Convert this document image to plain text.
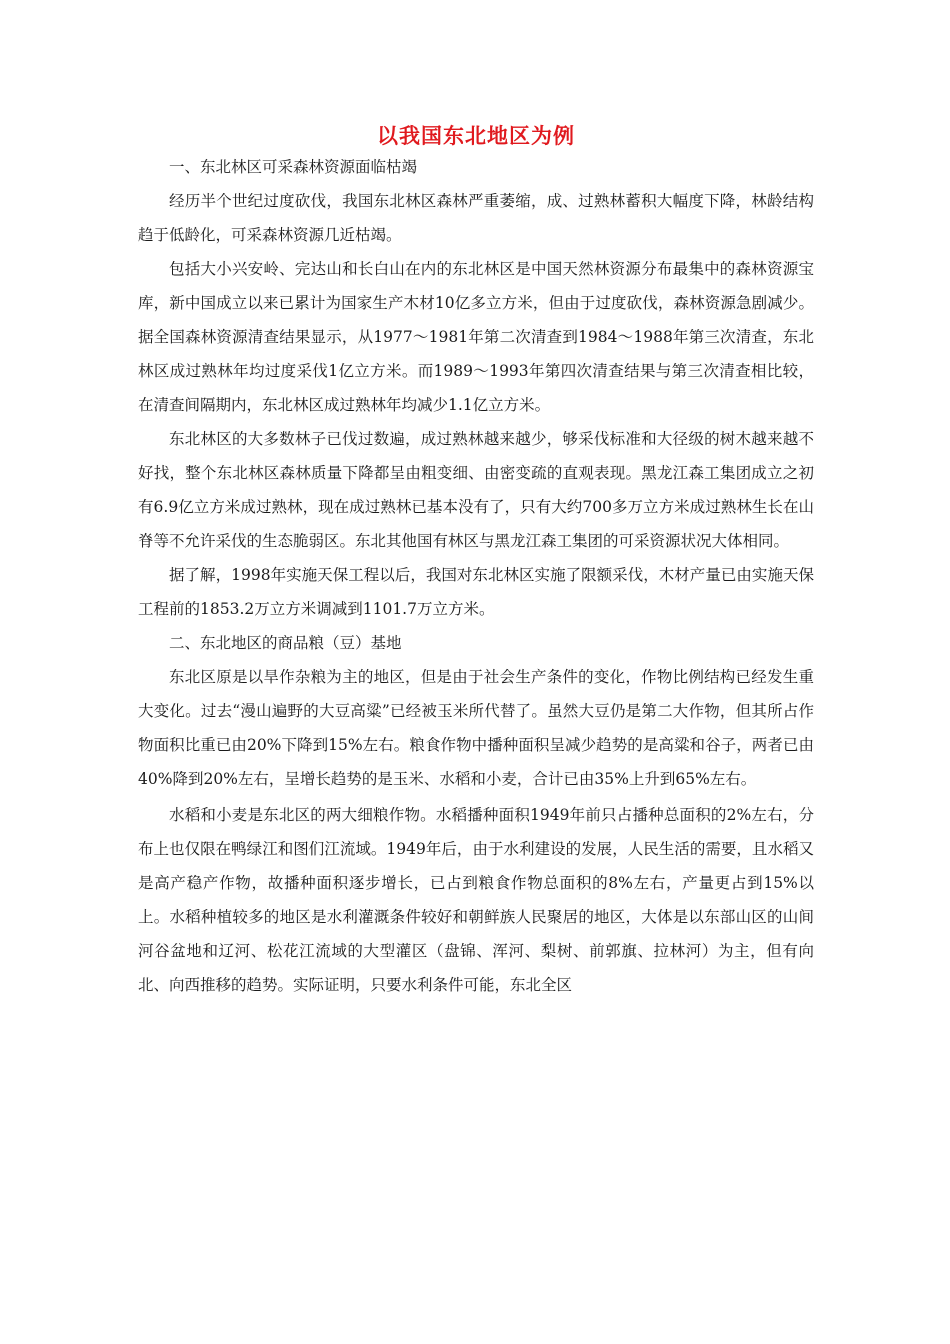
以我国东北地区为例

一、东北林区可采森林资源面临枯竭

经历半个世纪过度砍伐，我国东北林区森林严重萎缩，成、过熟林蓄积大幅度下降，林龄结构趋于低龄化，可采森林资源几近枯竭。

包括大小兴安岭、完达山和长白山在内的东北林区是中国天然林资源分布最集中的森林资源宝库，新中国成立以来已累计为国家生产木材10亿多立方米，但由于过度砍伐，森林资源急剧减少。据全国森林资源清查结果显示，从1977～1981年第二次清查到1984～1988年第三次清查，东北林区成过熟林年均过度采伐1亿立方米。而1989～1993年第四次清查结果与第三次清查相比较，在清查间隔期内，东北林区成过熟林年均减少1.1亿立方米。

东北林区的大多数林子已伐过数遍，成过熟林越来越少，够采伐标准和大径级的树木越来越不好找，整个东北林区森林质量下降都呈由粗变细、由密变疏的直观表现。黑龙江森工集团成立之初有6.9亿立方米成过熟林，现在成过熟林已基本没有了，只有大约700多万立方米成过熟林生长在山脊等不允许采伐的生态脆弱区。东北其他国有林区与黑龙江森工集团的可采资源状况大体相同。

据了解，1998年实施天保工程以后，我国对东北林区实施了限额采伐，木材产量已由实施天保工程前的1853.2万立方米调减到1101.7万立方米。

二、东北地区的商品粮（豆）基地

东北区原是以旱作杂粮为主的地区，但是由于社会生产条件的变化，作物比例结构已经发生重大变化。过去“漫山遍野的大豆高粱”已经被玉米所代替了。虽然大豆仍是第二大作物，但其所占作物面积比重已由20%下降到15%左右。粮食作物中播种面积呈减少趋势的是高粱和谷子，两者已由40%降到20%左右，呈增长趋势的是玉米、水稻和小麦，合计已由35%上升到65%左右。

水稻和小麦是东北区的两大细粮作物。水稻播种面积1949年前只占播种总面积的2%左右，分布上也仅限在鸭绿江和图们江流域。1949年后，由于水利建设的发展，人民生活的需要，且水稻又是高产稳产作物，故播种面积逐步增长，已占到粮食作物总面积的8%左右，产量更占到15%以上。水稻种植较多的地区是水利灌溉条件较好和朝鲜族人民聚居的地区，大体是以东部山区的山间河谷盆地和辽河、松花江流域的大型灌区（盘锦、浑河、梨树、前郭旗、拉林河）为主，但有向北、向西推移的趋势。实际证明，只要水利条件可能，东北全区
